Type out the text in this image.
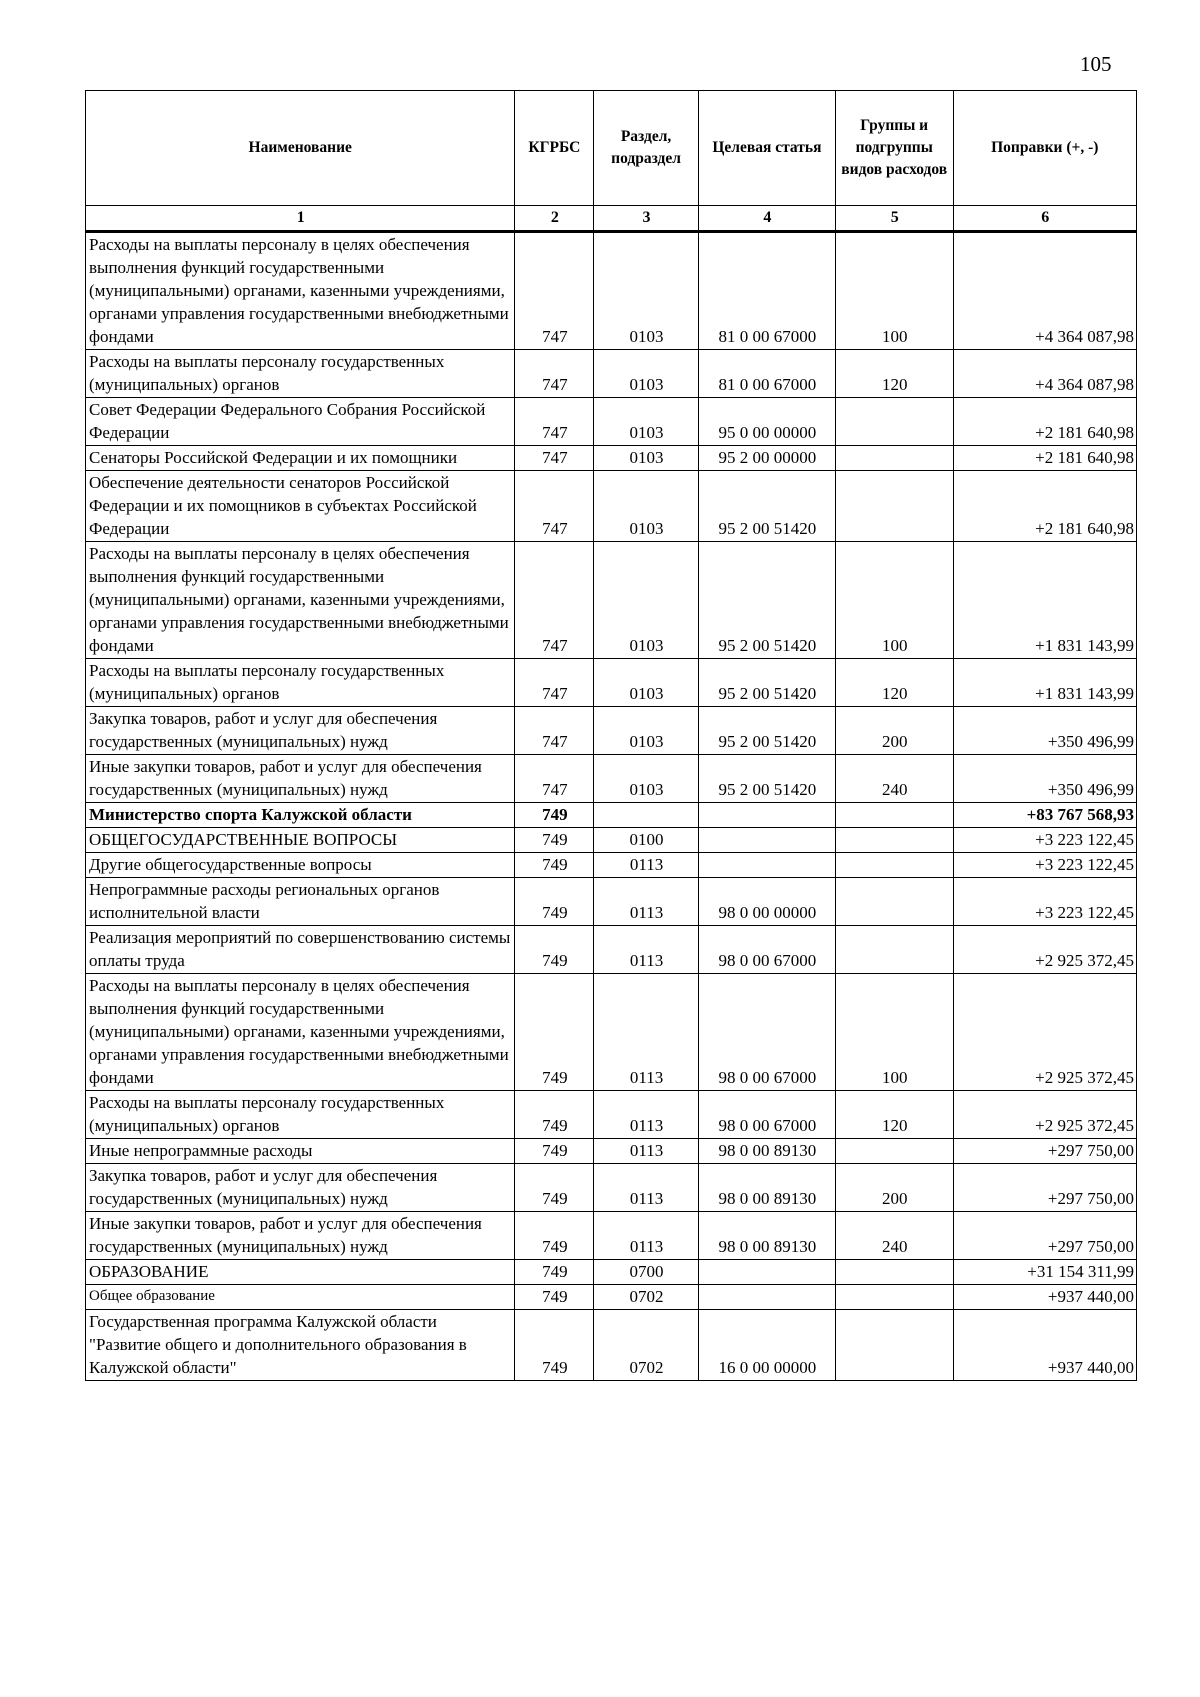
105
Наименование	КГРБС	Раздел, подраздел	Целевая статья	Группы и подгруппы видов расходов	Поправки (+, -)
1	2	3	4	5	6
Расходы на выплаты персоналу в целях обеспечения выполнения функций государственными (муниципальными) органами, казенными учреждениями, органами управления государственными внебюджетными фондами	747	0103	81 0 00 67000	100	+4 364 087,98
Расходы на выплаты персоналу государственных (муниципальных) органов	747	0103	81 0 00 67000	120	+4 364 087,98
Совет Федерации Федерального Собрания Российской Федерации	747	0103	95 0 00 00000		+2 181 640,98
Сенаторы Российской Федерации и их помощники	747	0103	95 2 00 00000		+2 181 640,98
Обеспечение деятельности сенаторов Российской Федерации и их помощников в субъектах Российской Федерации	747	0103	95 2 00 51420		+2 181 640,98
Расходы на выплаты персоналу в целях обеспечения выполнения функций государственными (муниципальными) органами, казенными учреждениями, органами управления государственными внебюджетными фондами	747	0103	95 2 00 51420	100	+1 831 143,99
Расходы на выплаты персоналу государственных (муниципальных) органов	747	0103	95 2 00 51420	120	+1 831 143,99
Закупка товаров, работ и услуг для обеспечения государственных (муниципальных) нужд	747	0103	95 2 00 51420	200	+350 496,99
Иные закупки товаров, работ и услуг для обеспечения государственных (муниципальных) нужд	747	0103	95 2 00 51420	240	+350 496,99
Министерство спорта Калужской области	749				+83 767 568,93
ОБЩЕГОСУДАРСТВЕННЫЕ ВОПРОСЫ	749	0100			+3 223 122,45
Другие общегосударственные вопросы	749	0113			+3 223 122,45
Непрограммные расходы региональных органов исполнительной власти	749	0113	98 0 00 00000		+3 223 122,45
Реализация мероприятий по совершенствованию системы оплаты труда	749	0113	98 0 00 67000		+2 925 372,45
Расходы на выплаты персоналу в целях обеспечения выполнения функций государственными (муниципальными) органами, казенными учреждениями, органами управления государственными внебюджетными фондами	749	0113	98 0 00 67000	100	+2 925 372,45
Расходы на выплаты персоналу государственных (муниципальных) органов	749	0113	98 0 00 67000	120	+2 925 372,45
Иные непрограммные расходы	749	0113	98 0 00 89130		+297 750,00
Закупка товаров, работ и услуг для обеспечения государственных (муниципальных) нужд	749	0113	98 0 00 89130	200	+297 750,00
Иные закупки товаров, работ и услуг для обеспечения государственных (муниципальных) нужд	749	0113	98 0 00 89130	240	+297 750,00
ОБРАЗОВАНИЕ	749	0700			+31 154 311,99
Общее образование	749	0702			+937 440,00
Государственная программа Калужской области "Развитие общего и дополнительного образования в Калужской области"	749	0702	16 0 00 00000		+937 440,00
